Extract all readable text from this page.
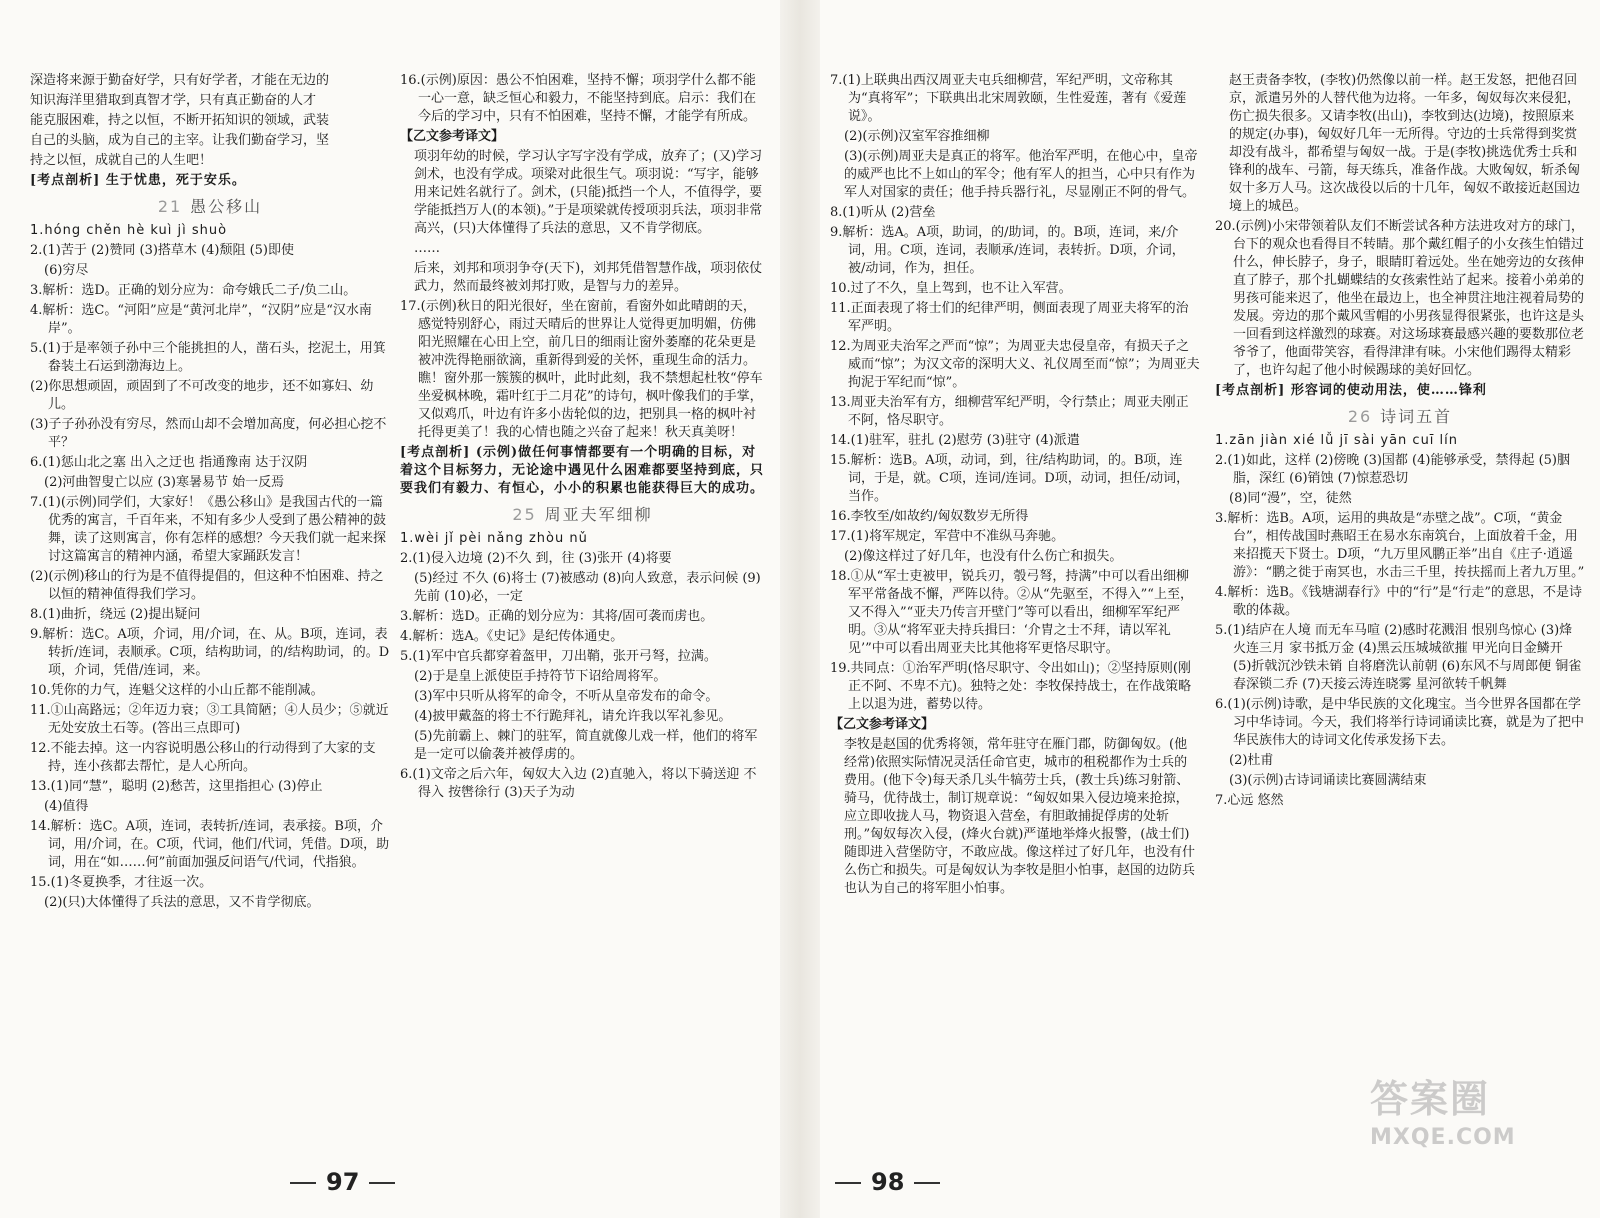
深造将来源于勤奋好学，只有好学者，才能在无边的

知识海洋里猎取到真智才学，只有真正勤奋的人才

能克服困难，持之以恒，不断开拓知识的领域，武装

自己的头脑，成为自己的主宰。让我们勤奋学习，坚

持之以恒，成就自己的人生吧！

[考点剖析] 生于忧患，死于安乐。

21 愚公移山

1.hóng chěn hè kuì jì shuò

2.(1)苦于 (2)赞同 (3)搭草木 (4)颓阻 (5)即使

(6)穷尽

3.解析：选D。正确的划分应为：命夸娥氏二子/负二山。

4.解析：选C。“河阳”应是“黄河北岸”，“汉阴”应是“汉水南岸”。

5.(1)于是率领子孙中三个能挑担的人，凿石头，挖泥土，用箕畚装土石运到渤海边上。

(2)你思想顽固，顽固到了不可改变的地步，还不如寡妇、幼儿。

(3)子子孙孙没有穷尽，然而山却不会增加高度，何必担心挖不平？

6.(1)惩山北之塞 出入之迂也 指通豫南 达于汉阴

(2)河曲智叟亡以应 (3)寒暑易节 始一反焉

7.(1)(示例)同学们，大家好！《愚公移山》是我国古代的一篇优秀的寓言，千百年来，不知有多少人受到了愚公精神的鼓舞，读了这则寓言，你有怎样的感想？今天我们就一起来探讨这篇寓言的精神内涵，希望大家踊跃发言！

(2)(示例)移山的行为是不值得提倡的，但这种不怕困难、持之以恒的精神值得我们学习。

8.(1)曲折，绕远 (2)提出疑问

9.解析：选C。A项，介词，用/介词，在、从。B项，连词，表转折/连词，表顺承。C项，结构助词，的/结构助词，的。D项，介词，凭借/连词，来。

10.凭你的力气，连魁父这样的小山丘都不能削减。

11.①山高路远；②年迈力衰；③工具简陋；④人员少；⑤就近无处安放土石等。(答出三点即可)

12.不能去掉。这一内容说明愚公移山的行动得到了大家的支持，连小孩都去帮忙，是人心所向。

13.(1)同“慧”，聪明 (2)愁苦，这里指担心 (3)停止

(4)值得

14.解析：选C。A项，连词，表转折/连词，表承接。B项，介词，用/介词，在。C项，代词，他们/代词，凭借。D项，助词，用在“如……何”前面加强反问语气/代词，代指狼。

15.(1)冬夏换季，才往返一次。

(2)(只)大体懂得了兵法的意思，又不肯学彻底。

16.(示例)原因：愚公不怕困难，坚持不懈；项羽学什么都不能一心一意，缺乏恒心和毅力，不能坚持到底。启示：我们在今后的学习中，只有不怕困难，坚持不懈，才能学有所成。

【乙文参考译文】

项羽年幼的时候，学习认字写字没有学成，放弃了；(又)学习剑术，也没有学成。项梁对此很生气。项羽说：“写字，能够用来记姓名就行了。剑术，(只能)抵挡一个人，不值得学，要学能抵挡万人(的本领)。”于是项梁就传授项羽兵法，项羽非常高兴，(只)大体懂得了兵法的意思，又不肯学彻底。

……

后来，刘邦和项羽争夺(天下)，刘邦凭借智慧作战，项羽依仗武力，然而最终被刘邦打败，是智与力的差异。

17.(示例)秋日的阳光很好，坐在窗前，看窗外如此晴朗的天，感觉特别舒心，雨过天晴后的世界让人觉得更加明媚，仿佛阳光照耀在心田上空，前几日的细雨让窗外萎靡的花朵更是被冲洗得艳丽欲滴，重新得到爱的关怀，重现生命的活力。瞧！窗外那一簇簇的枫叶，此时此刻，我不禁想起杜牧“停车坐爱枫林晚，霜叶红于二月花”的诗句，枫叶像我们的手掌，又似鸡爪，叶边有许多小齿轮似的边，把别具一格的枫叶衬托得更美了！我的心情也随之兴奋了起来！秋天真美呀！

[考点剖析] (示例)做任何事情都要有一个明确的目标，对着这个目标努力，无论途中遇见什么困难都要坚持到底，只要我们有毅力、有恒心，小小的积累也能获得巨大的成功。

25 周亚夫军细柳

1.wèi jǐ pèi nǎng zhòu nǔ

2.(1)侵入边境 (2)不久 到，往 (3)张开 (4)将要

(5)经过 不久 (6)将士 (7)被感动 (8)向人致意，表示问候 (9)先前 (10)必，一定

3.解析：选D。正确的划分应为：其将/固可袭而虏也。

4.解析：选A。《史记》是纪传体通史。

5.(1)军中官兵都穿着盔甲，刀出鞘，张开弓弩，拉满。

(2)于是皇上派使臣手持符节下诏给周将军。

(3)军中只听从将军的命令，不听从皇帝发布的命令。

(4)披甲戴盔的将士不行跪拜礼，请允许我以军礼参见。

(5)先前霸上、棘门的驻军，简直就像儿戏一样，他们的将军是一定可以偷袭并被俘虏的。

6.(1)文帝之后六年，匈奴大入边 (2)直驰入，将以下骑送迎 不得入 按辔徐行 (3)天子为动

97

7.(1)上联典出西汉周亚夫屯兵细柳营，军纪严明，文帝称其为“真将军”；下联典出北宋周敦颐，生性爱莲，著有《爱莲说》。

(2)(示例)汉室军容推细柳

(3)(示例)周亚夫是真正的将军。他治军严明，在他心中，皇帝的威严也比不上如山的军令；他有军人的担当，心中只有作为军人对国家的责任；他手持兵器行礼，尽显刚正不阿的骨气。

8.(1)听从 (2)营垒

9.解析：选A。A项，助词，的/助词，的。B项，连词，来/介词，用。C项，连词，表顺承/连词，表转折。D项，介词，被/动词，作为，担任。

10.过了不久，皇上驾到，也不让入军营。

11.正面表现了将士们的纪律严明，侧面表现了周亚夫将军的治军严明。

12.为周亚夫治军之严而“惊”；为周亚夫忠侵皇帝，有损天子之威而“惊”；为汉文帝的深明大义、礼仪周至而“惊”；为周亚夫拘泥于军纪而“惊”。

13.周亚夫治军有方，细柳营军纪严明，令行禁止；周亚夫刚正不阿，恪尽职守。

14.(1)驻军，驻扎 (2)慰劳 (3)驻守 (4)派遣

15.解析：选B。A项，动词，到，往/结构助词，的。B项，连词，于是，就。C项，连词/连词。D项，动词，担任/动词，当作。

16.李牧至/如故约/匈奴数岁无所得

17.(1)将军规定，军营中不准纵马奔驰。

(2)像这样过了好几年，也没有什么伤亡和损失。

18.①从“军士吏被甲，锐兵刃，彀弓弩，持满”中可以看出细柳军平常备战不懈，严阵以待。②从“先驱至，不得入”“上至，又不得入”“亚夫乃传言开壁门”等可以看出，细柳军军纪严明。③从“将军亚夫持兵揖曰：‘介胄之士不拜，请以军礼见’”中可以看出周亚夫比其他将军更恪尽职守。

19.共同点：①治军严明(恪尽职守、令出如山)；②坚持原则(刚正不阿、不卑不亢)。独特之处：李牧保持战士，在作战策略上以退为进，蓄势以待。

【乙文参考译文】

李牧是赵国的优秀将领，常年驻守在雁门郡，防御匈奴。(他经常)依照实际情况灵活任命官吏，城市的租税都作为士兵的费用。(他下令)每天杀几头牛犒劳士兵，(教士兵)练习射箭、骑马，优待战士，制订规章说：“匈奴如果入侵边境来抢掠，应立即收拢人马，物资退入营垒，有胆敢捕捉俘虏的处斩刑。”匈奴每次入侵，(烽火台就)严谨地举烽火报警，(战士们)随即进入营堡防守，不敢应战。像这样过了好几年，也没有什么伤亡和损失。可是匈奴认为李牧是胆小怕事，赵国的边防兵也认为自己的将军胆小怕事。

赵王责备李牧，(李牧)仍然像以前一样。赵王发怒，把他召回京，派遣另外的人替代他为边将。一年多，匈奴每次来侵犯，伤亡损失很多。又请李牧(出山)，李牧到达(边境)，按照原来的规定(办事)，匈奴好几年一无所得。守边的士兵常得到奖赏却没有战斗，都希望与匈奴一战。于是(李牧)挑选优秀士兵和锋利的战车、弓箭，每天练兵，准备作战。大败匈奴，斩杀匈奴十多万人马。这次战役以后的十几年，匈奴不敢接近赵国边境上的城邑。

20.(示例)小宋带领着队友们不断尝试各种方法进攻对方的球门，台下的观众也看得目不转睛。那个戴红帽子的小女孩生怕错过什么，伸长脖子，身子，眼睛盯着远处。坐在她旁边的女孩伸直了脖子，那个扎蝴蝶结的女孩索性站了起来。接着小弟弟的男孩可能来迟了，他坐在最边上，也全神贯注地注视着局势的发展。旁边的那个戴风雪帽的小男孩显得很紧张，也许这是头一回看到这样激烈的球赛。对这场球赛最感兴趣的要数那位老爷爷了，他面带笑容，看得津津有味。小宋他们踢得太精彩了，也许勾起了他小时候踢球的美好回忆。

[考点剖析] 形容词的使动用法，使……锋利

26 诗词五首

1.zān jiàn xié lǚ jī sài yān cuī lín

2.(1)如此，这样 (2)傍晚 (3)国都 (4)能够承受，禁得起 (5)胭脂，深红 (6)销蚀 (7)惊惹恐切

(8)同“漫”，空，徒然

3.解析：选B。A项，运用的典故是“赤壁之战”。C项，“黄金台”，相传战国时燕昭王在易水东南筑台，上面放着千金，用来招揽天下贤士。D项，“九万里风鹏正举”出自《庄子·逍遥游》：“鹏之徙于南冥也，水击三千里，抟扶摇而上者九万里。”

4.解析：选B。《钱塘湖春行》中的“行”是“行走”的意思，不是诗歌的体裁。

5.(1)结庐在人境 而无车马喧 (2)感时花溅泪 恨别鸟惊心 (3)烽火连三月 家书抵万金 (4)黑云压城城欲摧 甲光向日金鳞开 (5)折戟沉沙铁未销 自将磨洗认前朝 (6)东风不与周郎便 铜雀春深锁二乔 (7)天接云涛连晓雾 星河欲转千帆舞

6.(1)(示例)诗歌，是中华民族的文化瑰宝。当今世界各国都在学习中华诗词。今天，我们将举行诗词诵读比赛，就是为了把中华民族伟大的诗词文化传承发扬下去。

(2)杜甫

(3)(示例)古诗词诵读比赛圆满结束

7.心远 悠然

98
答案圈
MXQE.COM
